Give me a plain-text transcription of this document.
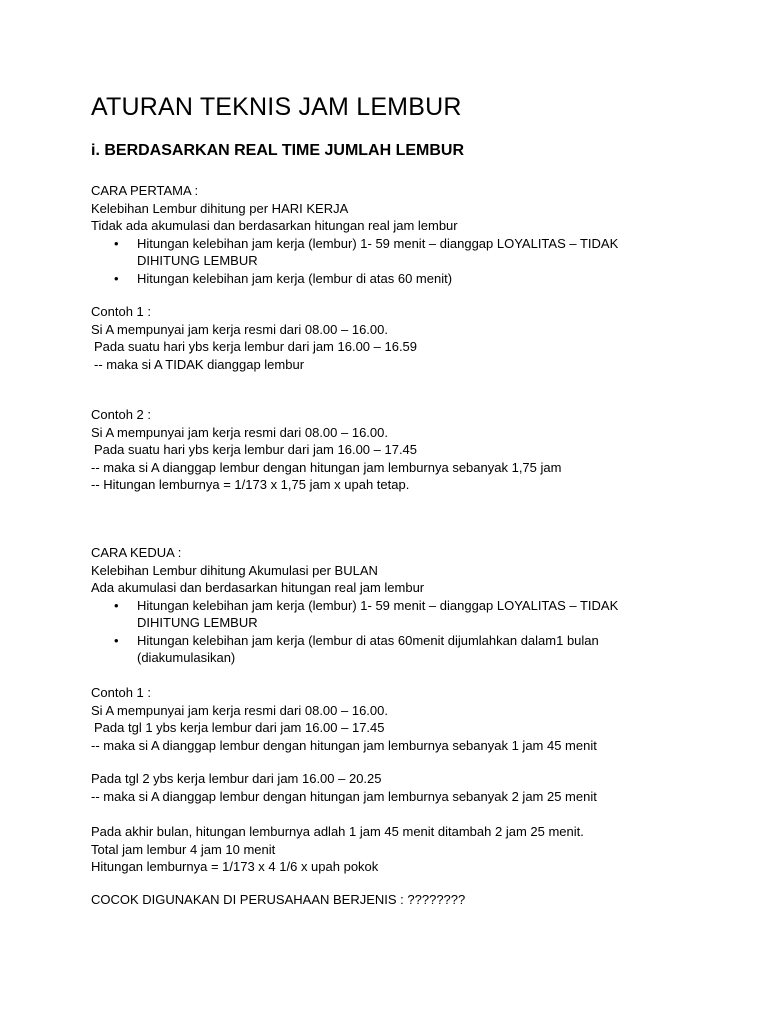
ATURAN TEKNIS JAM LEMBUR
i. BERDASARKAN REAL TIME JUMLAH LEMBUR
CARA PERTAMA :
Kelebihan Lembur dihitung per HARI KERJA
Tidak ada akumulasi dan berdasarkan hitungan real jam lembur
• Hitungan kelebihan jam kerja (lembur) 1- 59 menit – dianggap LOYALITAS – TIDAK DIHITUNG LEMBUR
• Hitungan kelebihan jam kerja (lembur di atas 60 menit)
Contoh 1 :
Si A mempunyai jam kerja resmi dari 08.00 – 16.00.
Pada suatu hari ybs kerja lembur dari jam 16.00 – 16.59
-- maka si A TIDAK dianggap lembur
Contoh 2 :
Si A mempunyai jam kerja resmi dari 08.00 – 16.00.
Pada suatu hari ybs kerja lembur dari jam 16.00 – 17.45
-- maka si A dianggap lembur dengan hitungan jam lemburnya sebanyak 1,75 jam
-- Hitungan lemburnya = 1/173 x 1,75 jam x upah tetap.
CARA KEDUA :
Kelebihan Lembur dihitung Akumulasi per BULAN
Ada akumulasi dan berdasarkan hitungan real jam lembur
• Hitungan kelebihan jam kerja (lembur) 1- 59 menit – dianggap LOYALITAS – TIDAK DIHITUNG LEMBUR
• Hitungan kelebihan jam kerja (lembur di atas 60menit dijumlahkan dalam1 bulan (diakumulasikan)
Contoh 1 :
Si A mempunyai jam kerja resmi dari 08.00 – 16.00.
Pada tgl 1 ybs kerja lembur dari jam 16.00 – 17.45
-- maka si A dianggap lembur dengan hitungan jam lemburnya sebanyak 1 jam 45 menit
Pada tgl 2 ybs kerja lembur dari jam 16.00 – 20.25
-- maka si A dianggap lembur dengan hitungan jam lemburnya sebanyak 2 jam 25 menit
Pada akhir bulan, hitungan lemburnya adlah 1 jam 45 menit ditambah 2 jam 25 menit.
Total jam lembur 4 jam 10 menit
Hitungan lemburnya = 1/173 x 4 1/6 x upah pokok
COCOK DIGUNAKAN DI PERUSAHAAN BERJENIS : ????????
